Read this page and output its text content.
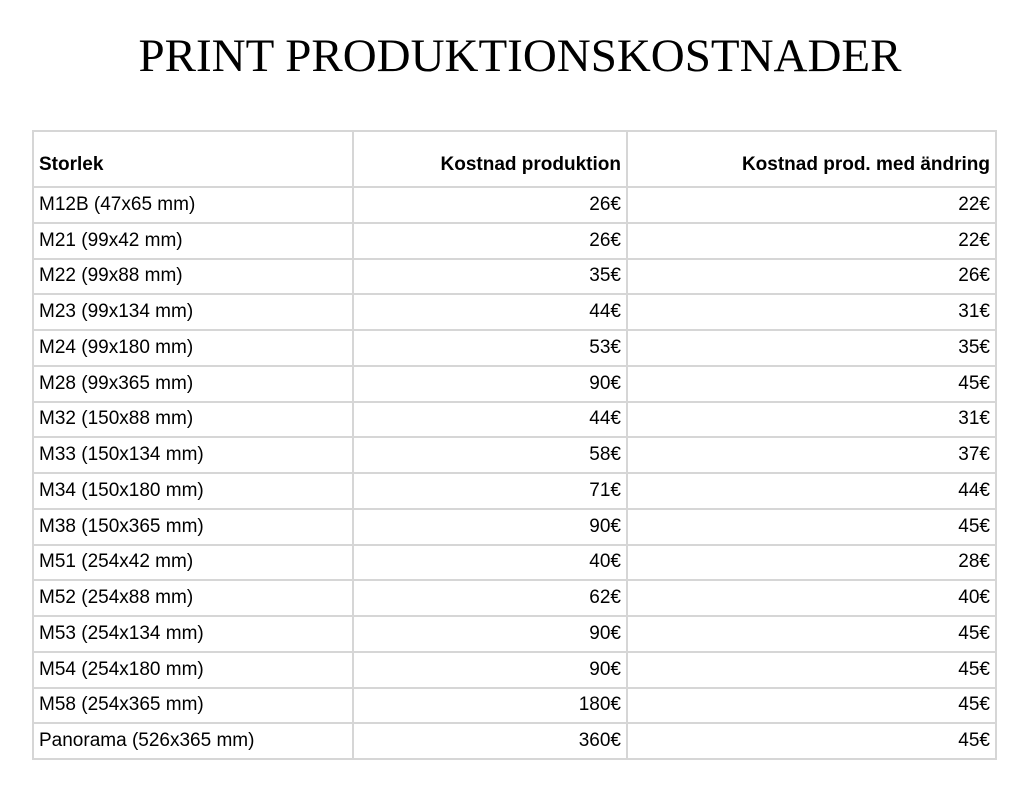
PRINT PRODUKTIONSKOSTNADER
Storlek	Kostnad produktion	Kostnad prod. med ändring
M12B (47x65 mm)	26€	22€
M21 (99x42 mm)	26€	22€
M22 (99x88 mm)	35€	26€
M23 (99x134 mm)	44€	31€
M24 (99x180 mm)	53€	35€
M28 (99x365 mm)	90€	45€
M32 (150x88 mm)	44€	31€
M33 (150x134 mm)	58€	37€
M34 (150x180 mm)	71€	44€
M38 (150x365 mm)	90€	45€
M51 (254x42 mm)	40€	28€
M52 (254x88 mm)	62€	40€
M53 (254x134 mm)	90€	45€
M54 (254x180 mm)	90€	45€
M58 (254x365 mm)	180€	45€
Panorama (526x365 mm)	360€	45€
